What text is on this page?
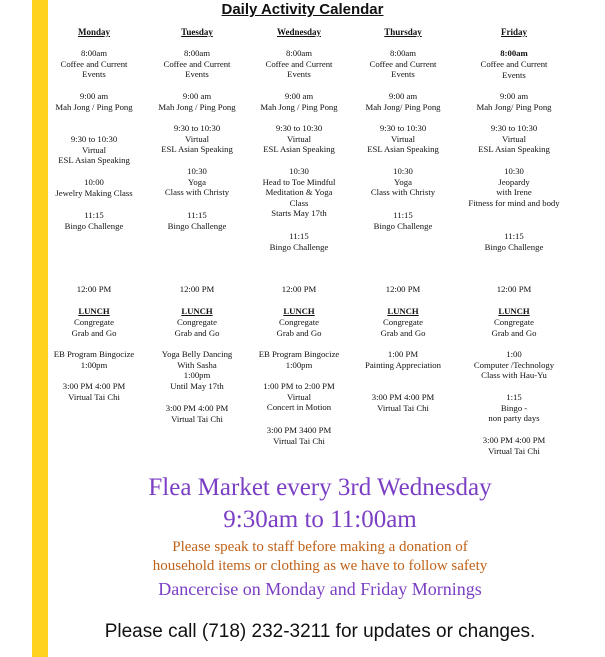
Daily Activity Calendar
Monday
8:00am
Coffee and Current
Events
9:00 am
Mah Jong / Ping Pong
9:30 to 10:30
Virtual
ESL Asian Speaking
10:00
Jewelry Making Class
11:15
Bingo Challenge
12:00 PM
LUNCH
Congregate
Grab and Go
EB Program Bingocize
1:00pm
3:00 PM 4:00 PM
Virtual Tai Chi
Tuesday
8:00am
Coffee and Current
Events
9:00 am
Mah Jong / Ping Pong
9:30 to 10:30
Virtual
ESL Asian Speaking
10:30
Yoga
Class with Christy
11:15
Bingo Challenge
12:00 PM
LUNCH
Congregate
Grab and Go
Yoga Belly Dancing
With Sasha
1:00pm
Until May 17th
3:00 PM 4:00 PM
Virtual Tai Chi
Wednesday
8:00am
Coffee and Current
Events
9:00 am
Mah Jong / Ping Pong
9:30 to 10:30
Virtual
ESL Asian Speaking
10:30
Head to Toe Mindful
Meditation & Yoga
Class
Starts May 17th
11:15
Bingo Challenge
12:00 PM
LUNCH
Congregate
Grab and Go
EB Program Bingocize
1:00pm
1:00 PM to 2:00 PM
Virtual
Concert in Motion
3:00 PM 3400 PM
Virtual Tai Chi
Thursday
8:00am
Coffee and Current
Events
9:00 am
Mah Jong/ Ping Pong
9:30 to 10:30
Virtual
ESL Asian Speaking
10:30
Yoga
Class with Christy
11:15
Bingo Challenge
12:00 PM
LUNCH
Congregate
Grab and Go
1:00 PM
Painting Appreciation
3:00 PM 4:00 PM
Virtual Tai Chi
Friday
8:00am
Coffee and Current
Events
9:00 am
Mah Jong/ Ping Pong
9:30 to 10:30
Virtual
ESL Asian Speaking
10:30
Jeopardy
with Irene
Fitness for mind and body
11:15
Bingo Challenge
12:00 PM
LUNCH
Congregate
Grab and Go
1:00
Computer /Technology
Class with Hau-Yu
1:15
Bingo -
non party days
3:00 PM 4:00 PM
Virtual Tai Chi
Flea Market every 3rd Wednesday
9:30am to 11:00am
Please speak to staff before making a donation of
household items or clothing as we have to follow safety
Dancercise on Monday and Friday Mornings
Please call (718) 232-3211 for updates or changes.
